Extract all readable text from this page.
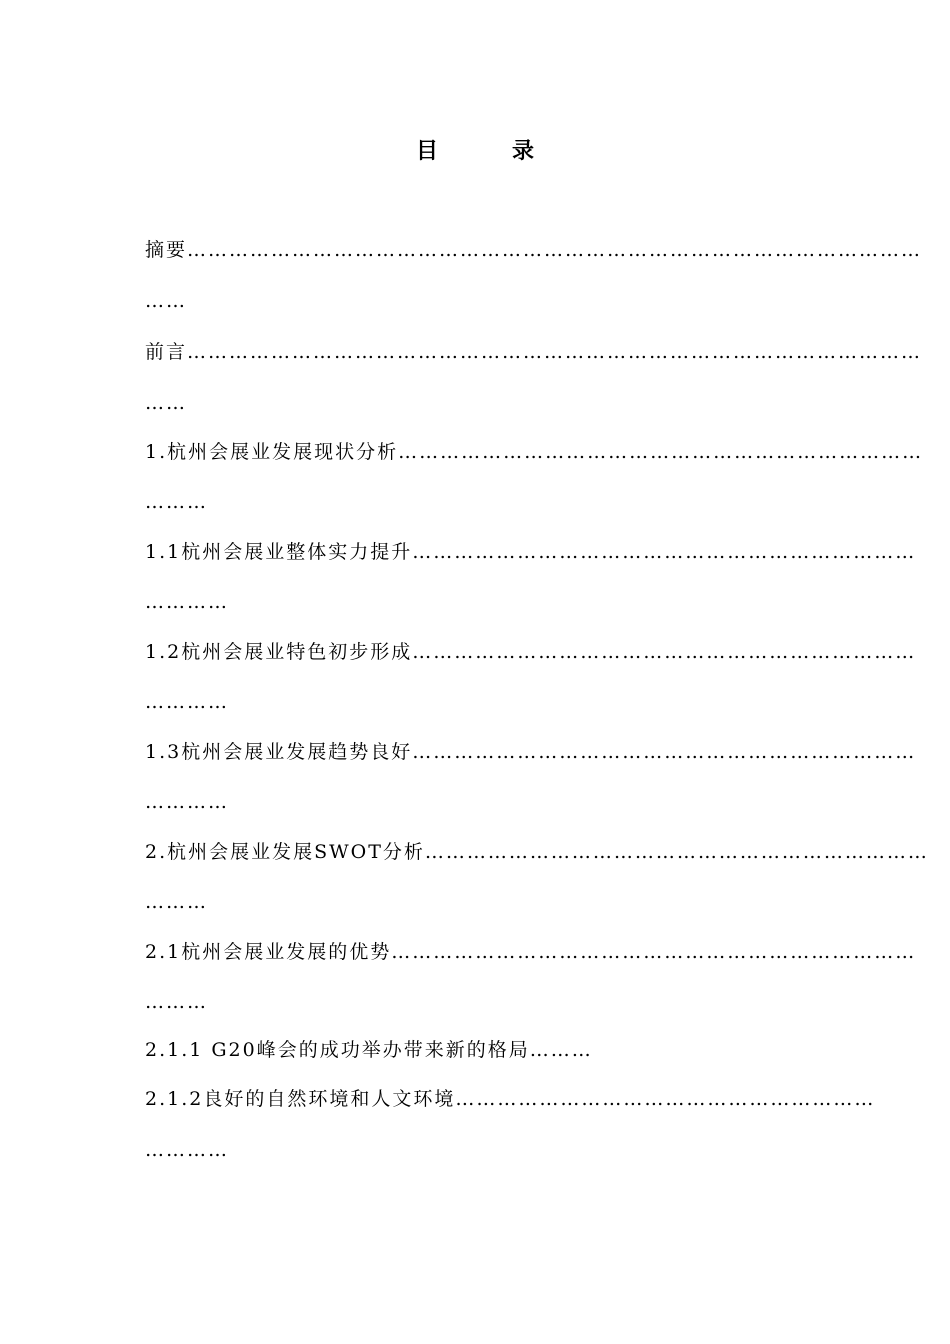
目　录
摘要……………………………………………………………………………………………
……
前言……………………………………………………………………………………………
……
1.杭州会展业发展现状分析…………………………………………………………………
………
1.1杭州会展业整体实力提升………………………………………………………………
…………
1.2杭州会展业特色初步形成………………………………………………………………
…………
1.3杭州会展业发展趋势良好………………………………………………………………
…………
2.杭州会展业发展SWOT分析………………………………………………………………
………
2.1杭州会展业发展的优势…………………………………………………………………
………
2.1.1 G20峰会的成功举办带来新的格局………
2.1.2良好的自然环境和人文环境……………………………………………………
…………
